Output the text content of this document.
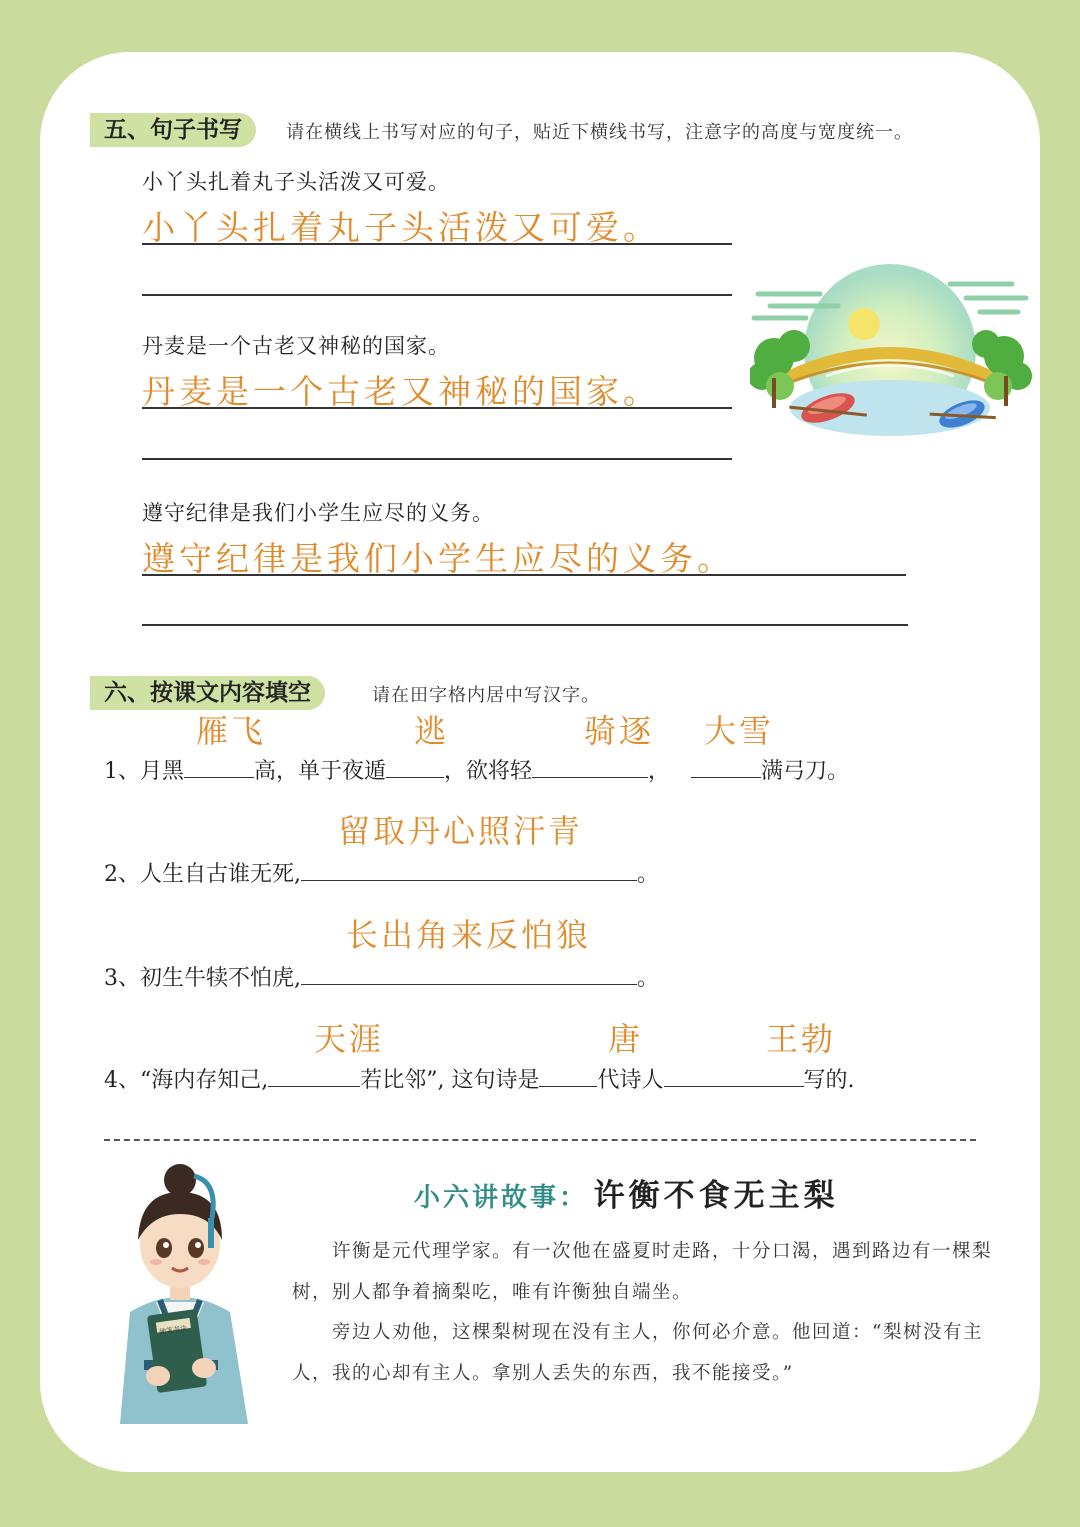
五、句子书写	请在横线上书写对应的句子，贴近下横线书写，注意字的高度与宽度统一。
小丫头扎着丸子头活泼又可爱。
小丫头扎着丸子头活泼又可爱。
丹麦是一个古老又神秘的国家。
丹麦是一个古老又神秘的国家。
遵守纪律是我们小学生应尽的义务。
遵守纪律是我们小学生应尽的义务。
六、按课文内容填空	请在田字格内居中写汉字。
雁飞	逃	骑逐 大雪
1、月黑	高，单于夜遁	，欲将轻	，	满弓刀。
留取丹心照汗青
2、人生自古谁无死,	。
长出角来反怕狼
3、初生牛犊不怕虎,	。
天涯	唐	王勃
4、“海内存知己,	若比邻”, 这句诗是	代诗人	写的.
硬笔书法
小六讲故事： 许衡不食无主梨

许衡是元代理学家。有一次他在盛夏时走路，十分口渴，遇到路边有一棵梨树，别人都争着摘梨吃，唯有许衡独自端坐。

旁边人劝他，这棵梨树现在没有主人，你何必介意。他回道：“梨树没有主人，我的心却有主人。拿别人丢失的东西，我不能接受。”
